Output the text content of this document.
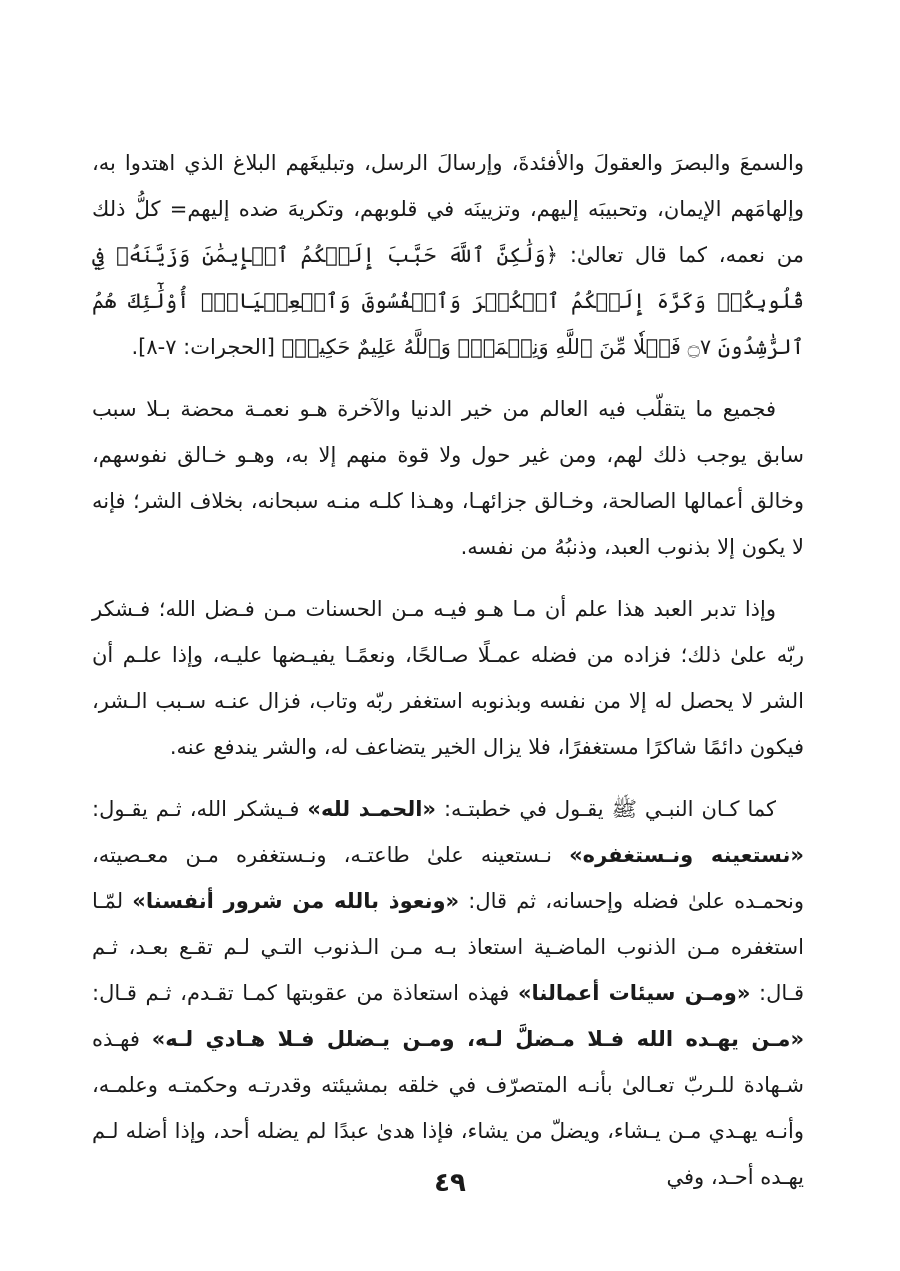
والسمعَ والبصرَ والعقولَ والأفئدةَ، وإرسالَ الرسل، وتبليغَهم البلاغ الذي اهتدوا به، وإلهامَهم الإيمان، وتحبيبَه إليهم، وتزيينَه في قلوبهم، وتكريهَ ضده إليهم= كلُّ ذلك من نعمه، كما قال تعالىٰ: ﴿وَلَٰكِنَّ ٱللَّهَ حَبَّبَ إِلَيۡكُمُ ٱلۡإِيمَٰنَ وَزَيَّنَهُۥ فِي قُلُوبِكُمۡ وَكَرَّهَ إِلَيۡكُمُ ٱلۡكُفۡرَ وَٱلۡفُسُوقَ وَٱلۡعِصۡيَانَۚ أُوْلَٰٓئِكَ هُمُ ٱلرَّٰشِدُونَ ۝٧ فَضۡلٗا مِّنَ ٱللَّهِ وَنِعۡمَةٗۚ وَٱللَّهُ عَلِيمٌ حَكِيمٞ﴾ [الحجرات: ٧-٨].

فجميع ما يتقلّب فيه العالم من خير الدنيا والآخرة هـو نعمـة محضة بـلا سبب سابق يوجب ذلك لهم، ومن غير حول ولا قوة منهم إلا به، وهـو خـالق نفوسهم، وخالق أعمالها الصالحة، وخـالق جزائهـا، وهـذا كلـه منـه سبحانه، بخلاف الشر؛ فإنه لا يكون إلا بذنوب العبد، وذنبُهُ من نفسه.

وإذا تدبر العبد هذا علم أن مـا هـو فيـه مـن الحسنات مـن فـضل الله؛ فـشكر ربّه علىٰ ذلك؛ فزاده من فضله عمـلًا صـالحًا، ونعمًـا يفيـضها عليـه، وإذا علـم أن الشر لا يحصل له إلا من نفسه وبذنوبه استغفر ربّه وتاب، فزال عنـه سـبب الـشر، فيكون دائمًا شاكرًا مستغفرًا، فلا يزال الخير يتضاعف له، والشر يندفع عنه.

كما كـان النبـي ﷺ يقـول في خطبتـه: «الحمـد لله» فـيشكر الله، ثـم يقـول: «نستعينه ونـستغفره» نـستعينه علىٰ طاعتـه، ونـستغفره مـن معـصيته، ونحمـده علىٰ فضله وإحسانه، ثم قال: «ونعوذ بالله من شرور أنفسنا» لمّـا استغفره مـن الذنوب الماضـية استعاذ بـه مـن الـذنوب التـي لـم تقـع بعـد، ثـم قـال: «ومـن سيئات أعمالنا» فهذه استعاذة من عقوبتها كمـا تقـدم، ثـم قـال: «مـن يهـده الله فـلا مـضلَّ لـه، ومـن يـضلل فـلا هـادي لـه» فهـذه شـهادة للـربّ تعـالىٰ بأنـه المتصرّف في خلقه بمشيئته وقدرتـه وحكمتـه وعلمـه، وأنـه يهـدي مـن يـشاء، ويضلّ من يشاء، فإذا هدىٰ عبدًا لم يضله أحد، وإذا أضله لـم يهـده أحـد، وفي

٤٩
